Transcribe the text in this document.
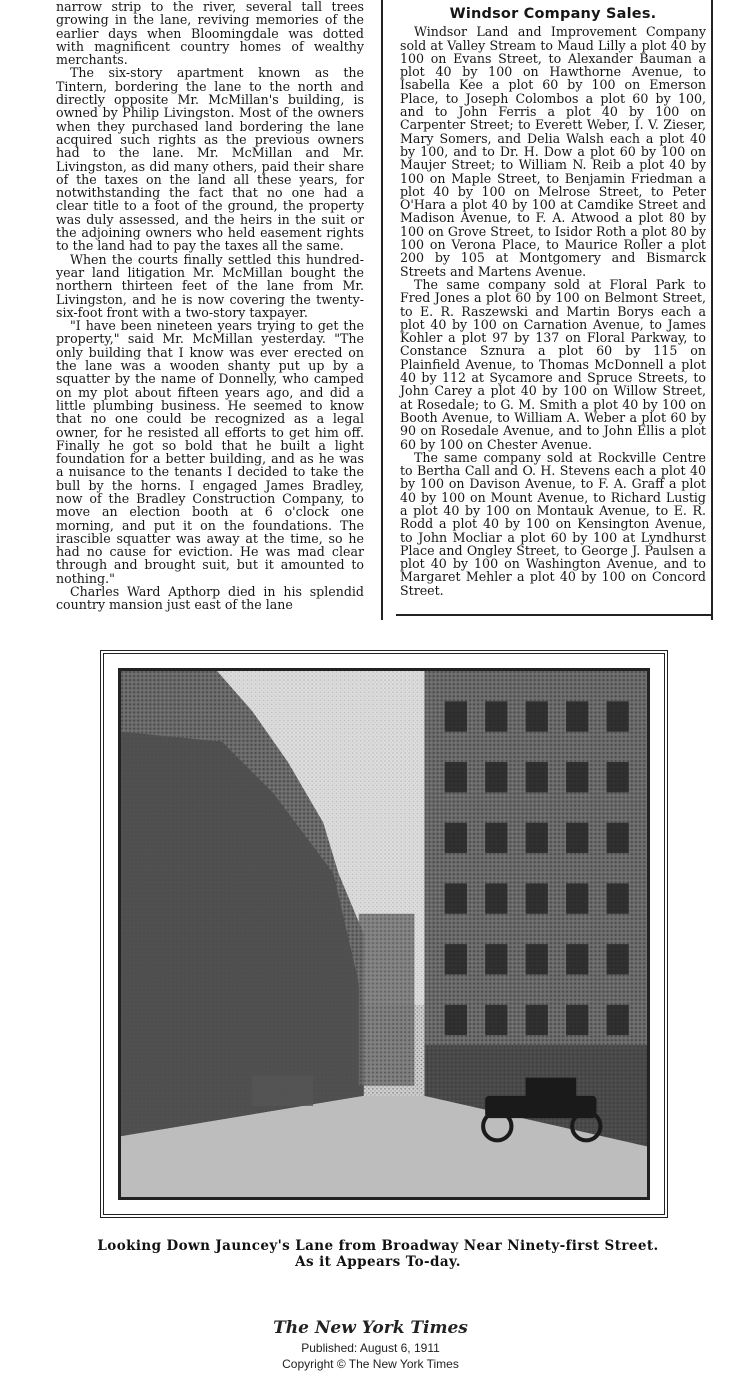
narrow strip to the river, several tall trees growing in the lane, reviving memories of the earlier days when Bloomingdale was dotted with magnificent country homes of wealthy merchants.

The six-story apartment known as the Tintern, bordering the lane to the north and directly opposite Mr. McMillan's building, is owned by Philip Livingston. Most of the owners when they purchased land bordering the lane acquired such rights as the previous owners had to the lane. Mr. McMillan and Mr. Livingston, as did many others, paid their share of the taxes on the land all these years, for notwithstanding the fact that no one had a clear title to a foot of the ground, the property was duly assessed, and the heirs in the suit or the adjoining owners who held easement rights to the land had to pay the taxes all the same.

When the courts finally settled this hundred-year land litigation Mr. McMillan bought the northern thirteen feet of the lane from Mr. Livingston, and he is now covering the twenty-six-foot front with a two-story taxpayer.

"I have been nineteen years trying to get the property," said Mr. McMillan yesterday. "The only building that I know was ever erected on the lane was a wooden shanty put up by a squatter by the name of Donnelly, who camped on my plot about fifteen years ago, and did a little plumbing business. He seemed to know that no one could be recognized as a legal owner, for he resisted all efforts to get him off. Finally he got so bold that he built a light foundation for a better building, and as he was a nuisance to the tenants I decided to take the bull by the horns. I engaged James Bradley, now of the Bradley Construction Company, to move an election booth at 6 o'clock one morning, and put it on the foundations. The irascible squatter was away at the time, so he had no cause for eviction. He was mad clear through and brought suit, but it amounted to nothing."

Charles Ward Apthorp died in his splendid country mansion just east of the lane

Windsor Company Sales.

Windsor Land and Improvement Company sold at Valley Stream to Maud Lilly a plot 40 by 100 on Evans Street, to Alexander Bauman a plot 40 by 100 on Hawthorne Avenue, to Isabella Kee a plot 60 by 100 on Emerson Place, to Joseph Colombos a plot 60 by 100, and to John Ferris a plot 40 by 100 on Carpenter Street; to Everett Weber, I. V. Zieser, Mary Somers, and Delia Walsh each a plot 40 by 100, and to Dr. H. Dow a plot 60 by 100 on Maujer Street; to William N. Reib a plot 40 by 100 on Maple Street, to Benjamin Friedman a plot 40 by 100 on Melrose Street, to Peter O'Hara a plot 40 by 100 at Camdike Street and Madison Avenue, to F. A. Atwood a plot 80 by 100 on Grove Street, to Isidor Roth a plot 80 by 100 on Verona Place, to Maurice Roller a plot 200 by 105 at Montgomery and Bismarck Streets and Martens Avenue.

The same company sold at Floral Park to Fred Jones a plot 60 by 100 on Belmont Street, to E. R. Raszewski and Martin Borys each a plot 40 by 100 on Carnation Avenue, to James Kohler a plot 97 by 137 on Floral Parkway, to Constance Sznura a plot 60 by 115 on Plainfield Avenue, to Thomas McDonnell a plot 40 by 112 at Sycamore and Spruce Streets, to John Carey a plot 40 by 100 on Willow Street, at Rosedale; to G. M. Smith a plot 40 by 100 on Booth Avenue, to William A. Weber a plot 60 by 90 on Rosedale Avenue, and to John Ellis a plot 60 by 100 on Chester Avenue.

The same company sold at Rockville Centre to Bertha Call and O. H. Stevens each a plot 40 by 100 on Davison Avenue, to F. A. Graff a plot 40 by 100 on Mount Avenue, to Richard Lustig a plot 40 by 100 on Montauk Avenue, to E. R. Rodd a plot 40 by 100 on Kensington Avenue, to John Mocliar a plot 60 by 100 at Lyndhurst Place and Ongley Street, to George J. Paulsen a plot 40 by 100 on Washington Avenue, and to Margaret Mehler a plot 40 by 100 on Concord Street.

Looking Down Jauncey's Lane from Broadway Near Ninety-first Street.
As it Appears To-day.
The New York Times
Published: August 6, 1911
Copyright © The New York Times
